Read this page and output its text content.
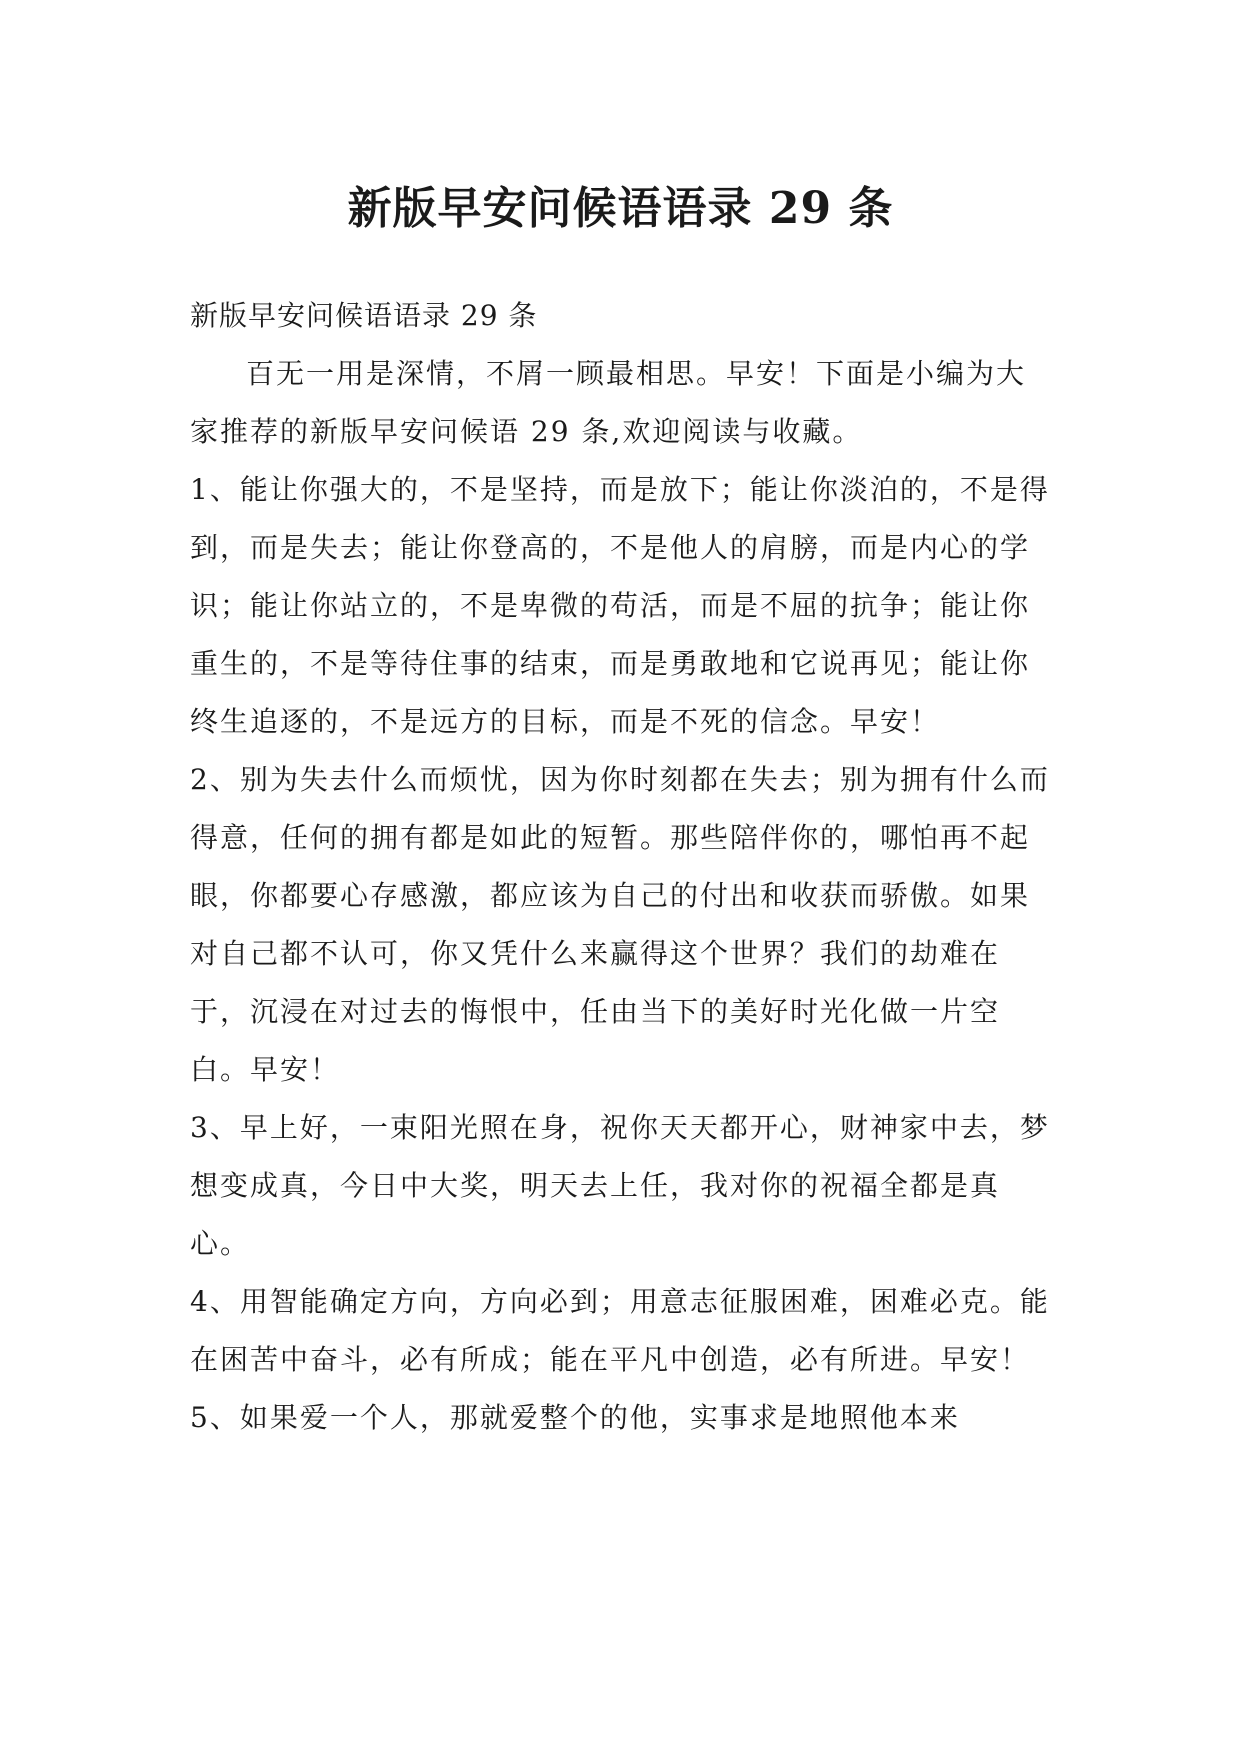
新版早安问候语语录 29 条

新版早安问候语语录 29 条

百无一用是深情，不屑一顾最相思。早安！下面是小编为大家推荐的新版早安问候语 29 条,欢迎阅读与收藏。

1、能让你强大的，不是坚持，而是放下；能让你淡泊的，不是得到，而是失去；能让你登高的，不是他人的肩膀，而是内心的学识；能让你站立的，不是卑微的苟活，而是不屈的抗争；能让你重生的，不是等待住事的结束，而是勇敢地和它说再见；能让你终生追逐的，不是远方的目标，而是不死的信念。早安！

2、别为失去什么而烦忧，因为你时刻都在失去；别为拥有什么而得意，任何的拥有都是如此的短暂。那些陪伴你的，哪怕再不起眼，你都要心存感激，都应该为自己的付出和收获而骄傲。如果对自己都不认可，你又凭什么来赢得这个世界？我们的劫难在于，沉浸在对过去的悔恨中，任由当下的美好时光化做一片空白。早安！

3、早上好，一束阳光照在身，祝你天天都开心，财神家中去，梦想变成真，今日中大奖，明天去上任，我对你的祝福全都是真心。

4、用智能确定方向，方向必到；用意志征服困难，困难必克。能在困苦中奋斗，必有所成；能在平凡中创造，必有所进。早安！

5、如果爱一个人，那就爱整个的他，实事求是地照他本来
